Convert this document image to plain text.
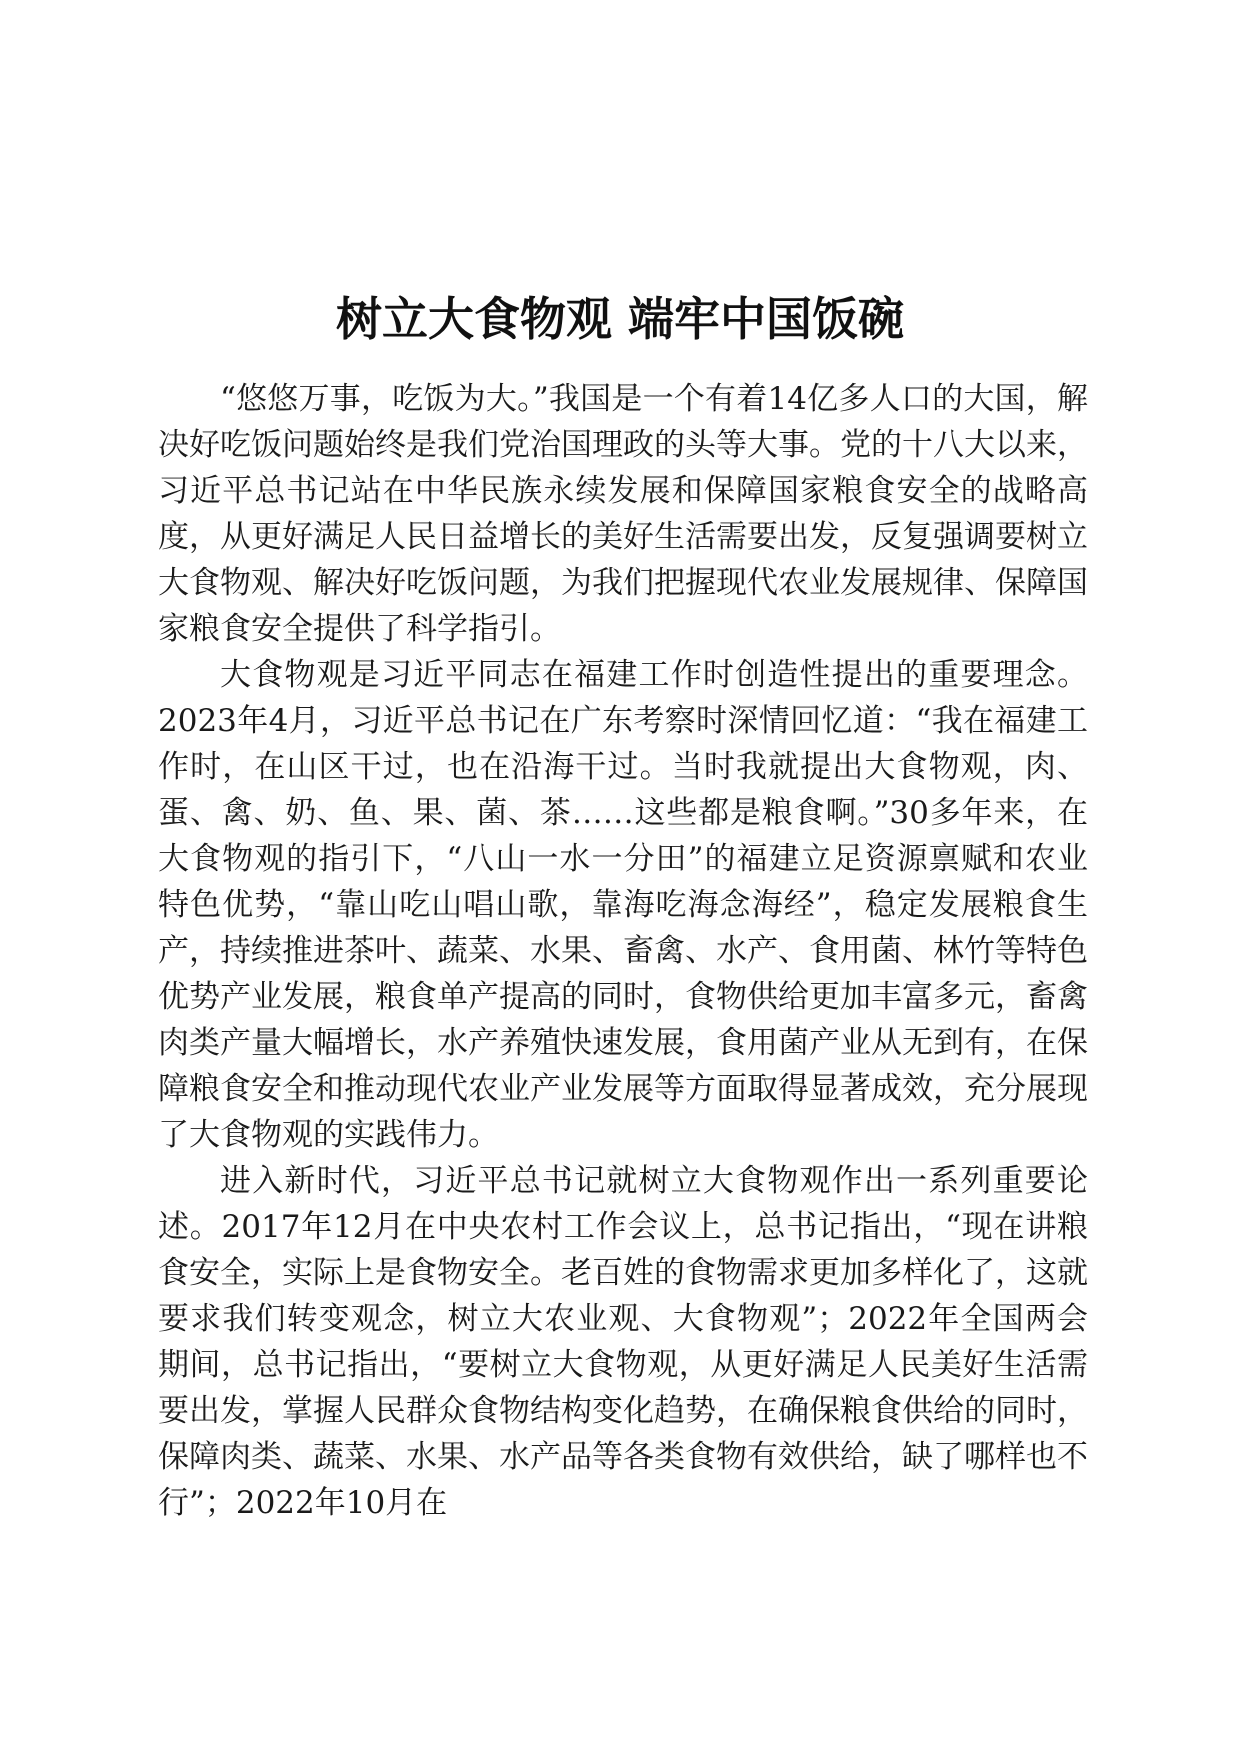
树立大食物观 端牢中国饭碗

“悠悠万事，吃饭为大。”我国是一个有着14亿多人口的大国，解决好吃饭问题始终是我们党治国理政的头等大事。党的十八大以来，习近平总书记站在中华民族永续发展和保障国家粮食安全的战略高度，从更好满足人民日益增长的美好生活需要出发，反复强调要树立大食物观、解决好吃饭问题，为我们把握现代农业发展规律、保障国家粮食安全提供了科学指引。

大食物观是习近平同志在福建工作时创造性提出的重要理念。2023年4月，习近平总书记在广东考察时深情回忆道：“我在福建工作时，在山区干过，也在沿海干过。当时我就提出大食物观，肉、蛋、禽、奶、鱼、果、菌、茶……这些都是粮食啊。”30多年来，在大食物观的指引下，“八山一水一分田”的福建立足资源禀赋和农业特色优势，“靠山吃山唱山歌，靠海吃海念海经”，稳定发展粮食生产，持续推进茶叶、蔬菜、水果、畜禽、水产、食用菌、林竹等特色优势产业发展，粮食单产提高的同时，食物供给更加丰富多元，畜禽肉类产量大幅增长，水产养殖快速发展，食用菌产业从无到有，在保障粮食安全和推动现代农业产业发展等方面取得显著成效，充分展现了大食物观的实践伟力。

进入新时代，习近平总书记就树立大食物观作出一系列重要论述。2017年12月在中央农村工作会议上，总书记指出，“现在讲粮食安全，实际上是食物安全。老百姓的食物需求更加多样化了，这就要求我们转变观念，树立大农业观、大食物观”；2022年全国两会期间，总书记指出，“要树立大食物观，从更好满足人民美好生活需要出发，掌握人民群众食物结构变化趋势，在确保粮食供给的同时，保障肉类、蔬菜、水果、水产品等各类食物有效供给，缺了哪样也不行”；2022年10月在
